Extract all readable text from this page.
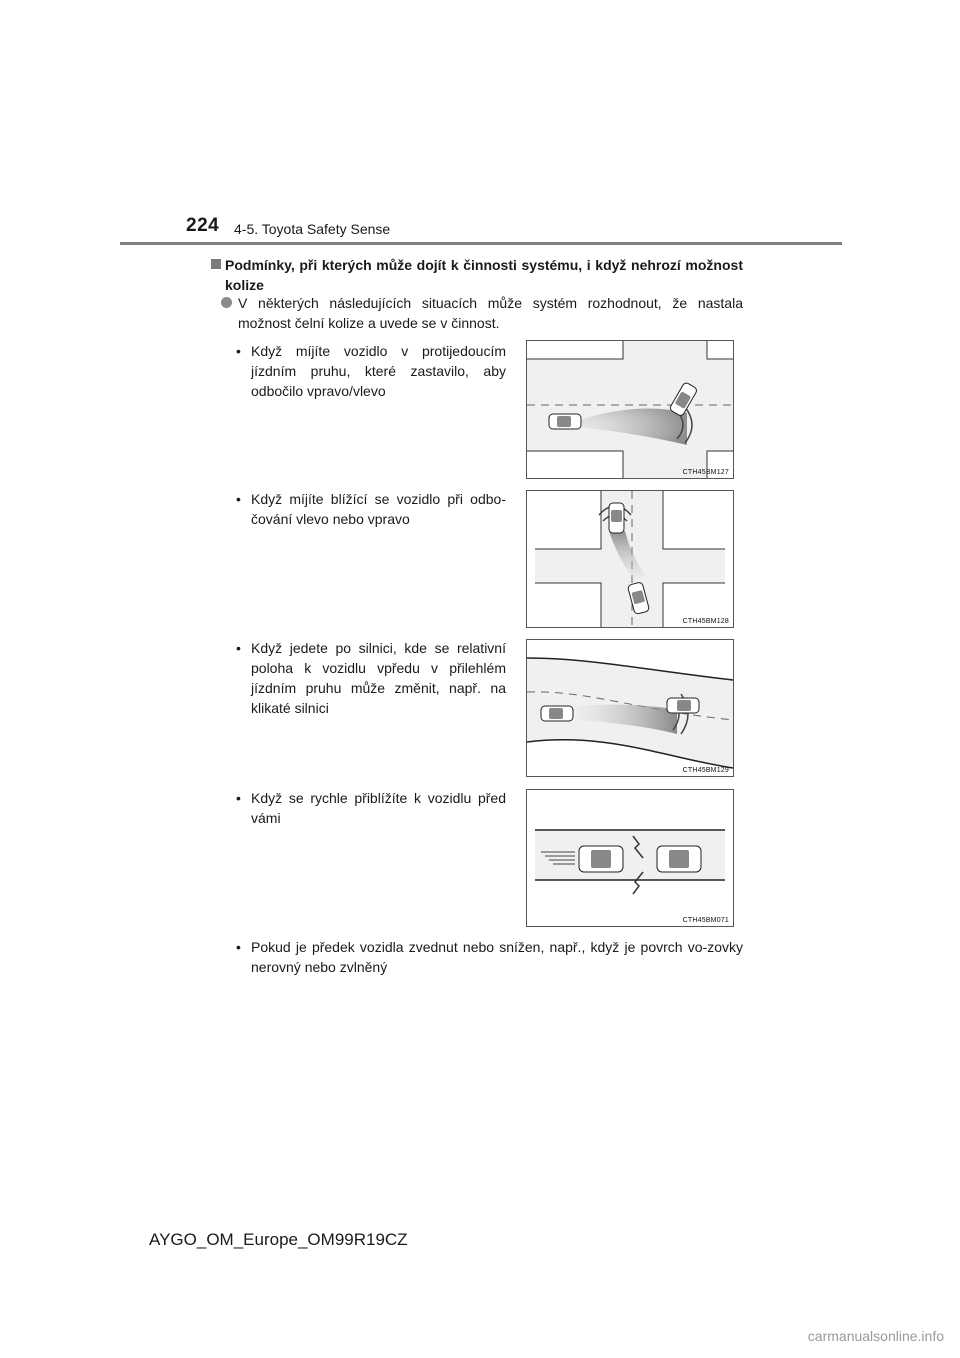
224 4-5. Toyota Safety Sense
Podmínky, při kterých může dojít k činnosti systému, i když nehrozí možnost kolize
V některých následujících situacích může systém rozhodnout, že nastala možnost čelní kolize a uvede se v činnost.
• Když míjíte vozidlo v protijedoucím jízdním pruhu, které zastavilo, aby odbočilo vpravo/vlevo
CTH45BM127
• Když míjíte blížící se vozidlo při odbo-čování vlevo nebo vpravo
CTH45BM128
• Když jedete po silnici, kde se relativní poloha k vozidlu vpředu v přilehlém jízdním pruhu může změnit, např. na klikaté silnici
CTH45BM129
• Když se rychle přiblížíte k vozidlu před vámi
CTH45BM071
• Pokud je předek vozidla zvednut nebo snížen, např., když je povrch vo-zovky nerovný nebo zvlněný
AYGO_OM_Europe_OM99R19CZ
carmanualsonline.info
